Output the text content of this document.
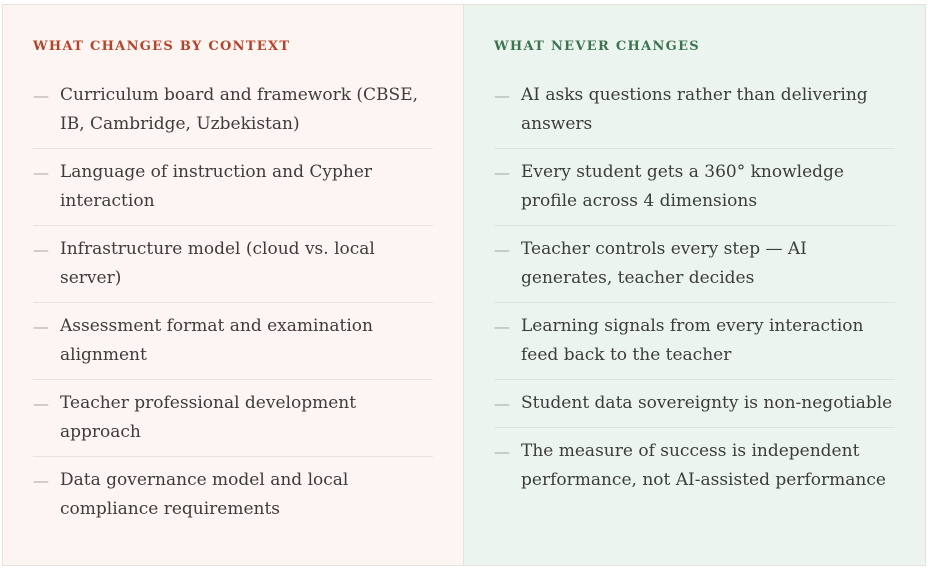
WHAT CHANGES BY CONTEXT
— Curriculum board and framework (CBSE, IB, Cambridge, Uzbekistan)
— Language of instruction and Cypher interaction
— Infrastructure model (cloud vs. local server)
— Assessment format and examination alignment
— Teacher professional development approach
— Data governance model and local compliance requirements
WHAT NEVER CHANGES
— AI asks questions rather than delivering answers
— Every student gets a 360° knowledge profile across 4 dimensions
— Teacher controls every step — AI generates, teacher decides
— Learning signals from every interaction feed back to the teacher
— Student data sovereignty is non-negotiable
— The measure of success is independent performance, not AI-assisted performance
